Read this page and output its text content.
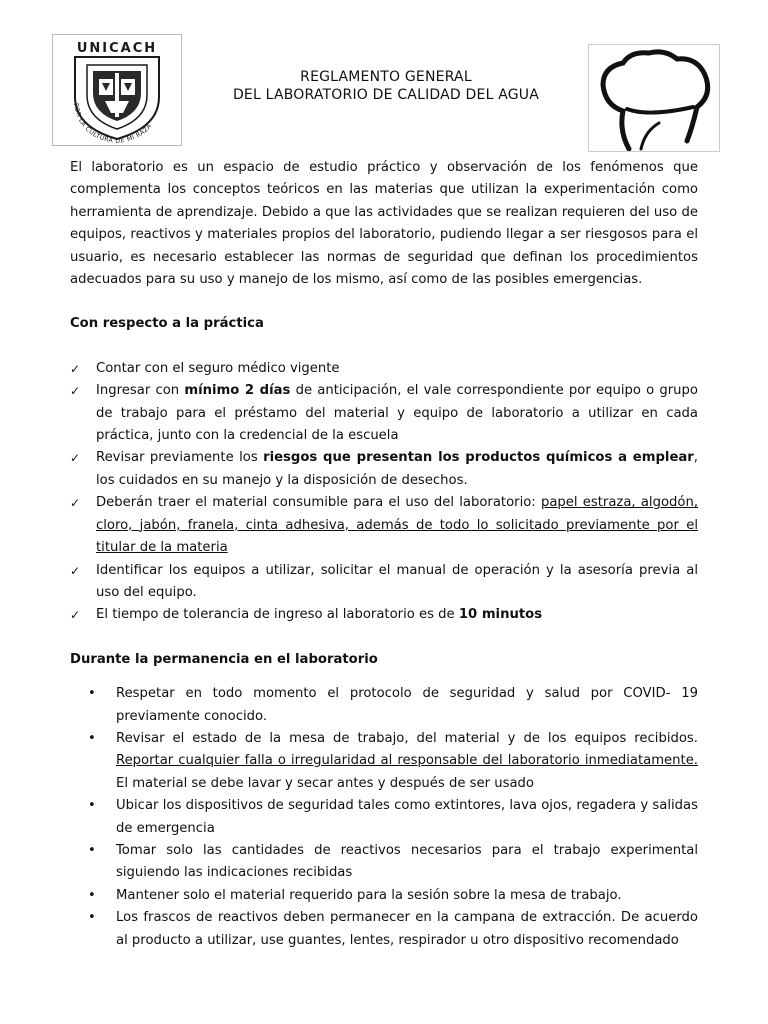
UNICACH
POR LA CULTURA DE MI RAZA
REGLAMENTO GENERAL
DEL LABORATORIO DE CALIDAD DEL AGUA

El laboratorio es un espacio de estudio práctico y observación de los fenómenos que complementa los conceptos teóricos en las materias que utilizan la experimentación como herramienta de aprendizaje. Debido a que las actividades que se realizan requieren del uso de equipos, reactivos y materiales propios del laboratorio, pudiendo llegar a ser riesgosos para el usuario, es necesario establecer las normas de seguridad que definan los procedimientos adecuados para su uso y manejo de los mismo, así como de las posibles emergencias.

Con respecto a la práctica

✓ Contar con el seguro médico vigente
✓ Ingresar con mínimo 2 días de anticipación, el vale correspondiente por equipo o grupo de trabajo para el préstamo del material y equipo de laboratorio a utilizar en cada práctica, junto con la credencial de la escuela
✓ Revisar previamente los riesgos que presentan los productos químicos a emplear, los cuidados en su manejo y la disposición de desechos.
✓ Deberán traer el material consumible para el uso del laboratorio: papel estraza, algodón, cloro, jabón, franela, cinta adhesiva, además de todo lo solicitado previamente por el titular de la materia
✓ Identificar los equipos a utilizar, solicitar el manual de operación y la asesoría previa al uso del equipo.
✓ El tiempo de tolerancia de ingreso al laboratorio es de 10 minutos

Durante la permanencia en el laboratorio

• Respetar en todo momento el protocolo de seguridad y salud por COVID- 19 previamente conocido.
• Revisar el estado de la mesa de trabajo, del material y de los equipos recibidos. Reportar cualquier falla o irregularidad al responsable del laboratorio inmediatamente. El material se debe lavar y secar antes y después de ser usado
• Ubicar los dispositivos de seguridad tales como extintores, lava ojos, regadera y salidas de emergencia
• Tomar solo las cantidades de reactivos necesarios para el trabajo experimental siguiendo las indicaciones recibidas
• Mantener solo el material requerido para la sesión sobre la mesa de trabajo.
• Los frascos de reactivos deben permanecer en la campana de extracción. De acuerdo al producto a utilizar, use guantes, lentes, respirador u otro dispositivo recomendado
